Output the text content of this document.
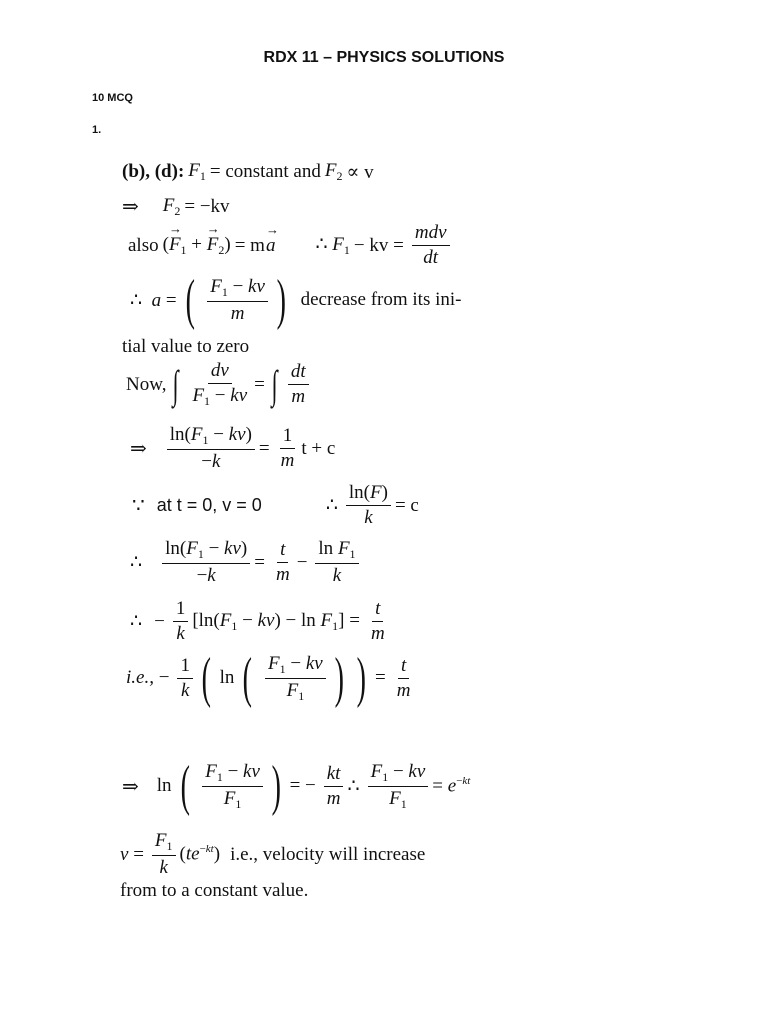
RDX 11 – PHYSICS SOLUTIONS
10 MCQ
1.
(b), (d): $F_1$ = constant and $F_2 \propto v$
⇒ $F_2 = -kv$
also (→ $F_1$ + → $F_2) = m$
→ a ∴ $F_1$ − kv = $\frac{\text{mdv}}{dt}$
∴  a = ( $\frac{F_1 - kv}{m}$ ) decrease from its ini-
tial value to zero
Now, ∫ $\frac{dv}{F_1 - kv}$ = ∫ $\frac{dt}{m}$
⇒ $\frac{\ln(F_1 - kv)}{-k} = \frac{1}{m}$ t + c
∵ at t = 0, v = 0	∴ $\frac{\ln(F)}{k} = c$
∴ $\frac{\ln(F_1 - kv)}{-k} = \frac{t}{m} - \frac{\ln F_1}{k}$
∴ − $\frac{1}{k} [\ln(F_1 - kv) - \ln F_1] = \frac{t}{m}$
i.e., − $\frac{1}{k}$ ( ln ( $\frac{F_1 - kv}{F_1}$ ) ) = $\frac{t}{m}$
⇒ ln ( $\frac{F_1 - kv}{F_1}$ ) = − $\frac{kt}{m}$ ∴ $\frac{F_1 - kv}{F_1} = e^{-kt}$
$v = \frac{F_1}{k} (te^{-kt})$ i.e., velocity will increase
from to a constant value.
